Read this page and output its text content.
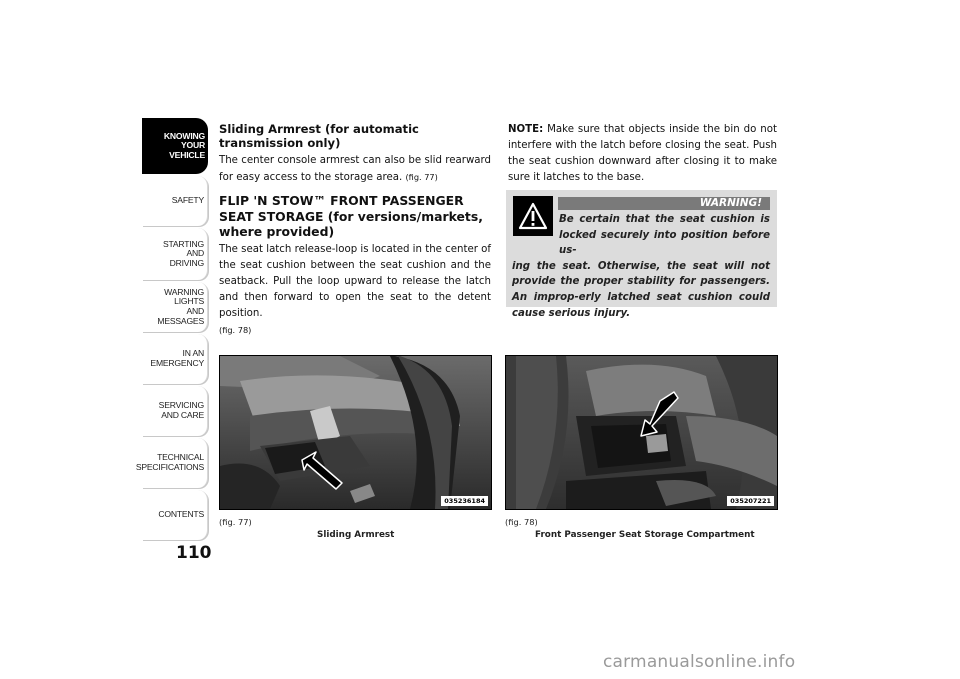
KNOWING
YOUR
VEHICLE
SAFETY
STARTING
AND
DRIVING
WARNING
LIGHTS
AND
MESSAGES
IN AN
EMERGENCY
SERVICING
AND CARE
TECHNICAL
SPECIFICATIONS
CONTENTS
110
Sliding Armrest (for automatic transmission only)

The center console armrest can also be slid rearward for easy access to the storage area. (fig. 77)

FLIP 'N STOW™ FRONT PASSENGER SEAT STORAGE (for versions/markets, where provided)

The seat latch release-loop is located in the center of the seat cushion between the seat cushion and the seatback. Pull the loop upward to release the latch and then forward to open the seat to the detent position.
(fig. 78)

NOTE: Make sure that objects inside the bin do not interfere with the latch before closing the seat. Push the seat cushion downward after closing it to make sure it latches to the base.

WARNING!
Be certain that the seat cushion is locked securely into position before us-
ing the seat. Otherwise, the seat will not provide the proper stability for passengers. An improp-erly latched seat cushion could cause serious injury.
035236184
(fig. 77)
Sliding Armrest
035207221
(fig. 78)
Front Passenger Seat Storage Compartment
carmanualsonline.info
